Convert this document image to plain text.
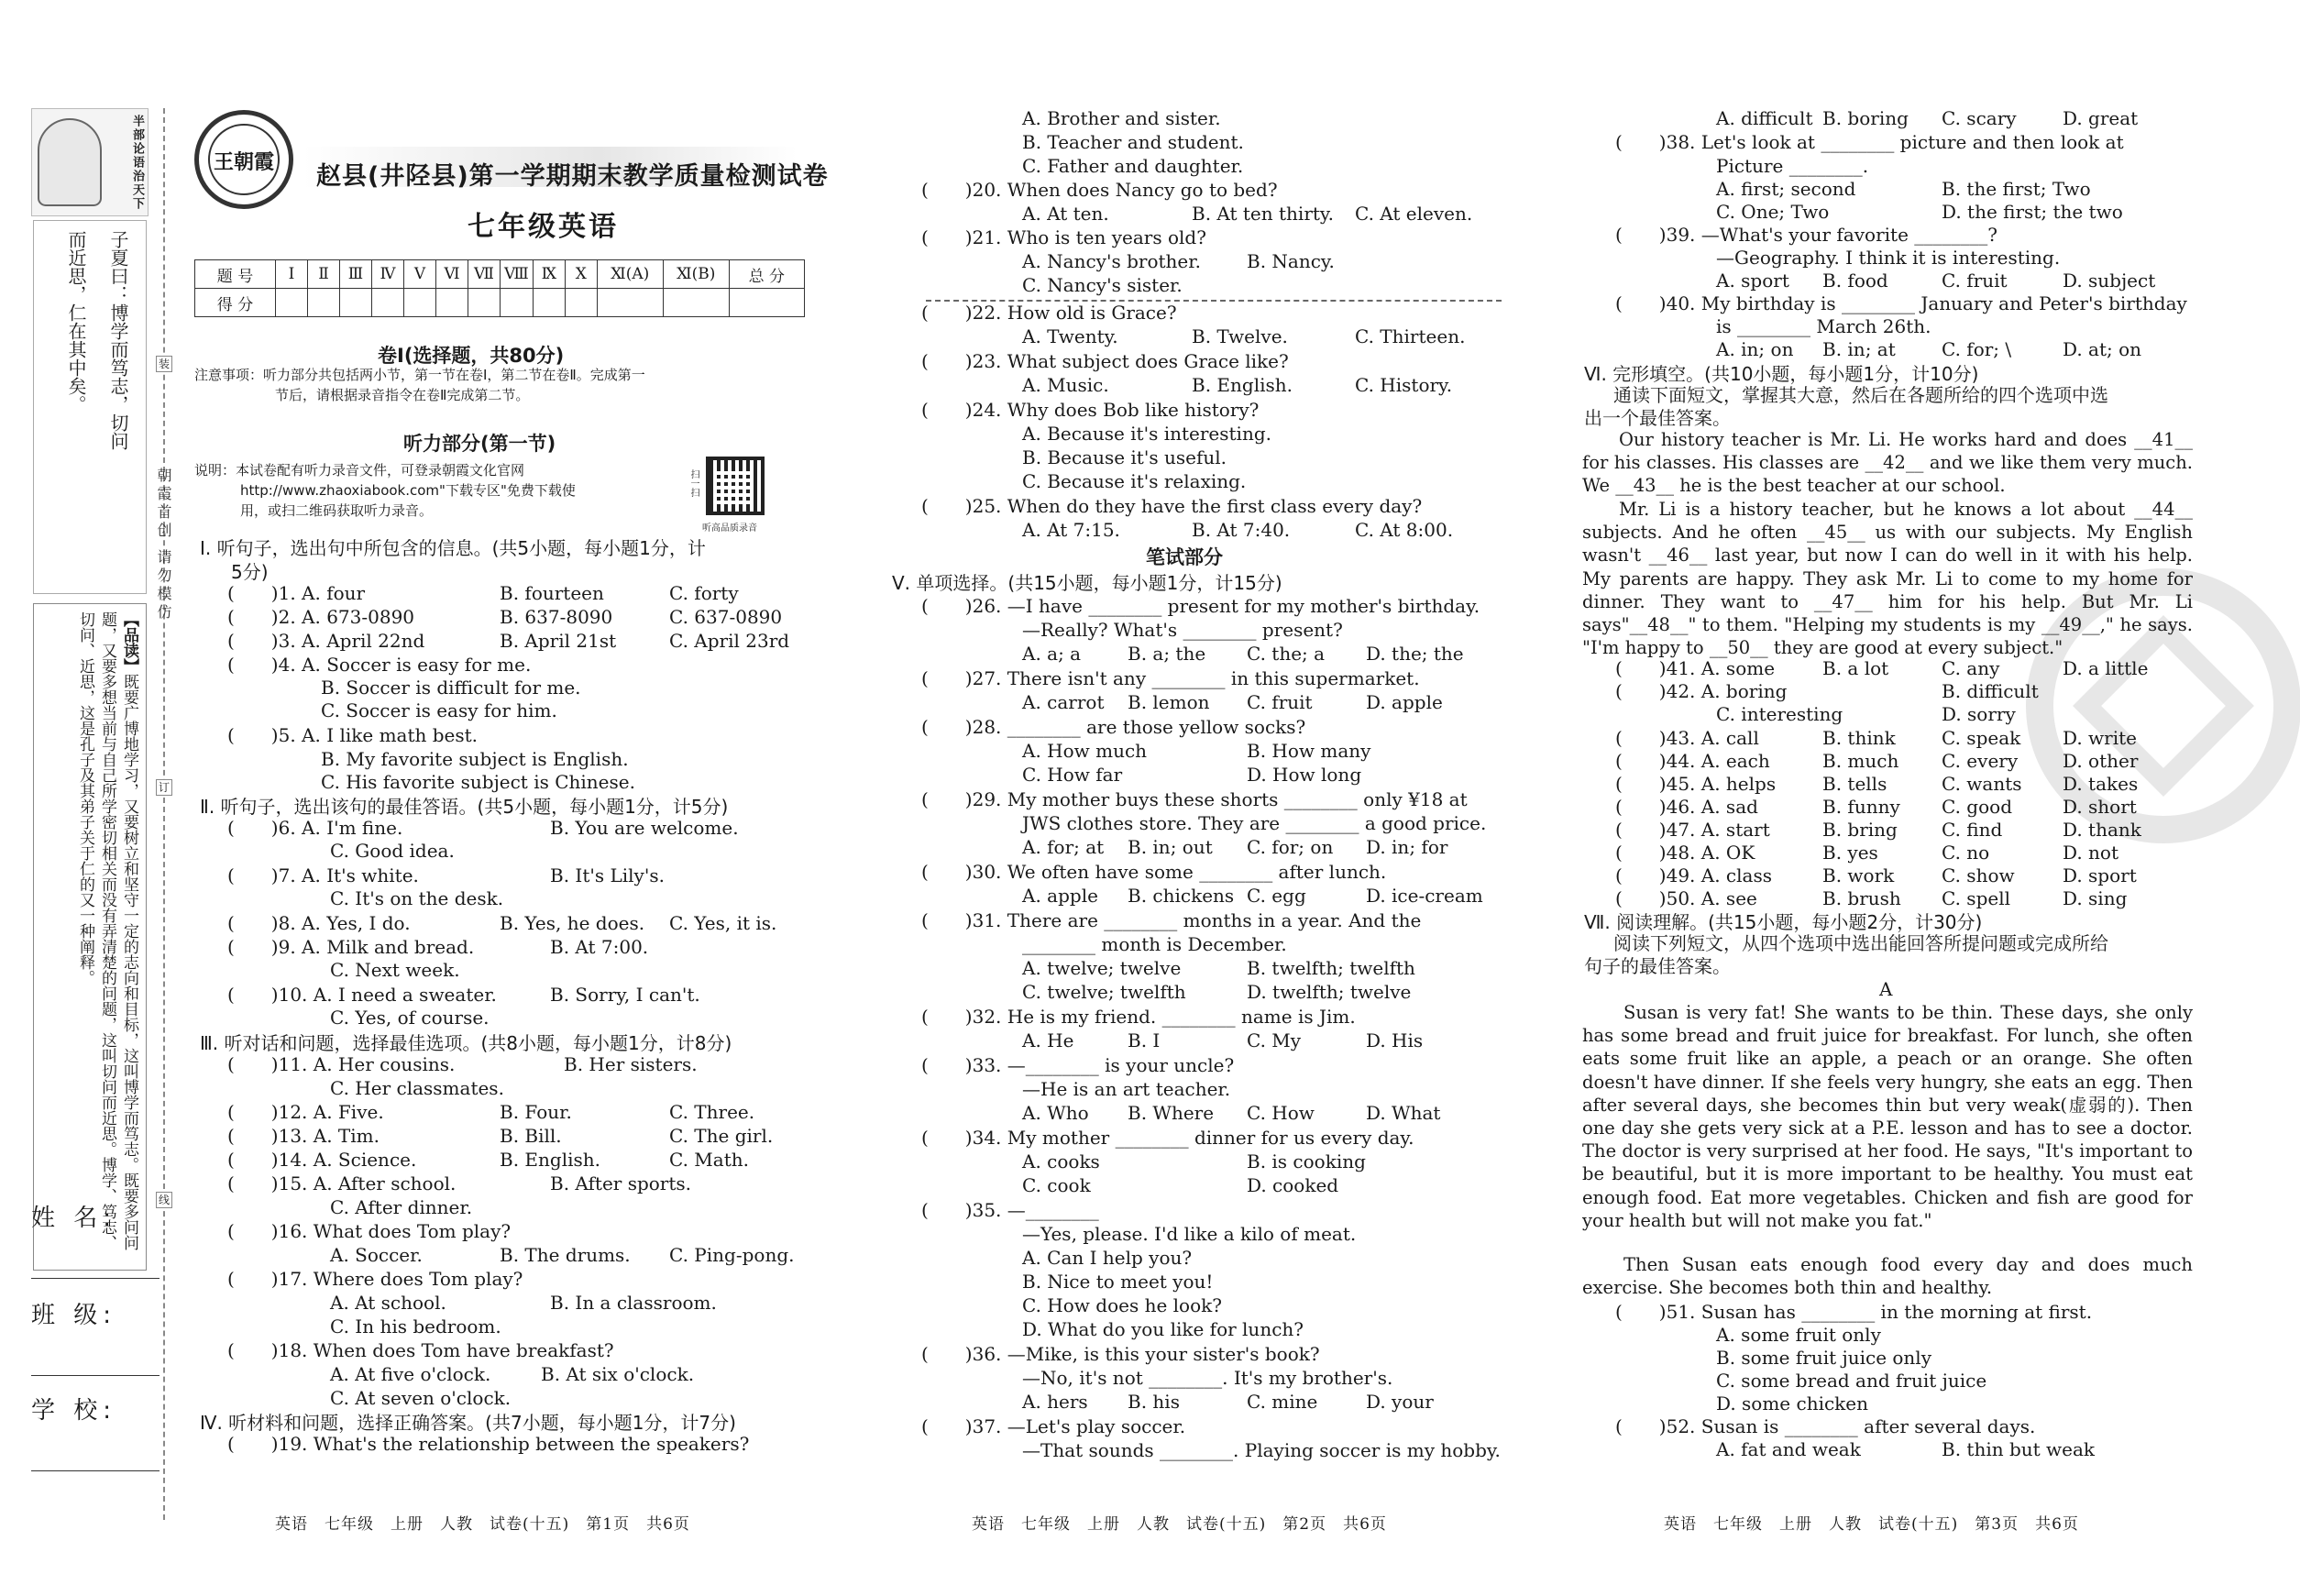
半部论语治天下
子夏曰：博学而笃志，切问
而近思，仁在其中矣。
【品读】既要广博地学习，又要树立和坚守一定的志向和目标，这叫博学而笃志。既要多问问题，又要多想当前与自己所学密切相关而没有弄清楚的问题，这叫切问而近思。博学、笃志、切问、近思，这是孔子及其弟子关于仁的又一种阐释。
姓 名:
班 级:
学 校:
装
订
线
朝霞首创 请勿模仿
王朝霞 赵县(井陉县)第一学期期末教学质量检测试卷
七年级英语
题 号	Ⅰ	Ⅱ	Ⅲ	Ⅳ	Ⅴ	Ⅵ	Ⅶ	Ⅷ	Ⅸ	Ⅹ	Ⅺ(A)	Ⅺ(B)	总 分
得 分													
卷Ⅰ(选择题，共80分)
注意事项：听力部分共包括两小节，第一节在卷Ⅰ，第二节在卷Ⅱ。完成第一
节后，请根据录音指令在卷Ⅱ完成第二节。
听力部分(第一节)
说明：本试卷配有听力录音文件，可登录朝霞文化官网
http://www.zhaoxiabook.com"下载专区"免费下载使
用，或扫二维码获取听力录音。
扫一扫
听高品质录音
Ⅰ. 听句子，选出句中所包含的信息。(共5小题，每小题1分，计
5分)
(　　)1. A. four	B. fourteen	C. forty
(　　)2. A. 673-0890	B. 637-8090	C. 637-0890
(　　)3. A. April 22nd	B. April 21st	C. April 23rd
(　　)4. A. Soccer is easy for me.
B. Soccer is difficult for me.
C. Soccer is easy for him.
(　　)5. A. I like math best.
B. My favorite subject is English.
C. His favorite subject is Chinese.
Ⅱ. 听句子，选出该句的最佳答语。(共5小题，每小题1分，计5分)
(　　)6. A. I'm fine.	B. You are welcome.
C. Good idea.
(　　)7. A. It's white.	B. It's Lily's.
C. It's on the desk.
(　　)8. A. Yes, I do.	B. Yes, he does. C. Yes, it is.
(　　)9. A. Milk and bread.	B. At 7:00.
C. Next week.
(　　)10. A. I need a sweater.	B. Sorry, I can't.
C. Yes, of course.
Ⅲ. 听对话和问题，选择最佳选项。(共8小题，每小题1分，计8分)
(　　)11. A. Her cousins.	B. Her sisters.
C. Her classmates.
(　　)12. A. Five.	B. Four.	C. Three.
(　　)13. A. Tim.	B. Bill.	C. The girl.
(　　)14. A. Science.	B. English.	C. Math.
(　　)15. A. After school.	B. After sports.
C. After dinner.
(　　)16. What does Tom play?
A. Soccer.	B. The drums. C. Ping-pong.
(　　)17. Where does Tom play?
A. At school.	B. In a classroom.
C. In his bedroom.
(　　)18. When does Tom have breakfast?
A. At five o'clock.	B. At six o'clock.
C. At seven o'clock.
Ⅳ. 听材料和问题，选择正确答案。(共7小题，每小题1分，计7分)
(　　)19. What's the relationship between the speakers?
英语　七年级　上册　人教　试卷(十五)　第1页　共6页
A. Brother and sister.
B. Teacher and student.
C. Father and daughter.
(　　)20. When does Nancy go to bed?
A. At ten.	B. At ten thirty. C. At eleven.
(　　)21. Who is ten years old?
A. Nancy's brother.	B. Nancy.
C. Nancy's sister.
(　　)22. How old is Grace?
A. Twenty.	B. Twelve.	C. Thirteen.
(　　)23. What subject does Grace like?
A. Music.	B. English.	C. History.
(　　)24. Why does Bob like history?
A. Because it's interesting.
B. Because it's useful.
C. Because it's relaxing.
(　　)25. When do they have the first class every day?
A. At 7:15.	B. At 7:40.	C. At 8:00.
笔试部分
Ⅴ. 单项选择。(共15小题，每小题1分，计15分)
(　　)26. —I have ________ present for my mother's birthday.
—Really? What's ________ present?
A. a; a	B. a; the C. the; a D. the; the
(　　)27. There isn't any ________ in this supermarket.
A. carrot B. lemon C. fruit	D. apple
(　　)28. ________ are those yellow socks?
A. How much	B. How many
C. How far	D. How long
(　　)29. My mother buys these shorts ________ only ¥18 at
JWS clothes store. They are ________ a good price.
A. for; at B. in; out C. for; on D. in; for
(　　)30. We often have some ________ after lunch.
A. apple B. chickens C. egg	D. ice-cream
(　　)31. There are ________ months in a year. And the
________ month is December.
A. twelve; twelve	B. twelfth; twelfth
C. twelve; twelfth	D. twelfth; twelve
(　　)32. He is my friend. ________ name is Jim.
A. He	B. I	C. My	D. His
(　　)33. —________ is your uncle?
—He is an art teacher.
A. Who B. Where C. How	D. What
(　　)34. My mother ________ dinner for us every day.
A. cooks	B. is cooking
C. cook	D. cooked
(　　)35. —________
—Yes, please. I'd like a kilo of meat.
A. Can I help you?
B. Nice to meet you!
C. How does he look?
D. What do you like for lunch?
(　　)36. —Mike, is this your sister's book?
—No, it's not ________. It's my brother's.
A. hers B. his	C. mine	D. your
(　　)37. —Let's play soccer.
—That sounds ________. Playing soccer is my hobby.
英语　七年级　上册　人教　试卷(十五)　第2页　共6页
A. difficult B. boring C. scary	D. great
(　　)38. Let's look at ________ picture and then look at
Picture ________.
A. first; second	B. the first; Two
C. One; Two	D. the first; the two
(　　)39. —What's your favorite ________?
—Geography. I think it is interesting.
A. sport B. food	C. fruit	D. subject
(　　)40. My birthday is ________ January and Peter's birthday
is ________ March 26th.
A. in; on B. in; at	C. for; \	D. at; on
Ⅵ. 完形填空。(共10小题，每小题1分，计10分)
通读下面短文，掌握其大意，然后在各题所给的四个选项中选
出一个最佳答案。
Our history teacher is Mr. Li. He works hard and does __41__ for his classes. His classes are __42__ and we like them very much. We __43__ he is the best teacher at our school.
Mr. Li is a history teacher, but he knows a lot about __44__ subjects. And he often __45__ us with our subjects. My English wasn't __46__ last year, but now I can do well in it with his help. My parents are happy. They ask Mr. Li to come to my home for dinner. They want to __47__ him for his help. But Mr. Li says"__48__" to them. "Helping my students is my __49__," he says. "I'm happy to __50__ they are good at every subject."
(　　)41. A. some	B. a lot	C. any	D. a little
(　　)42. A. boring	B. difficult
C. interesting	D. sorry
(　　)43. A. call	B. think	C. speak D. write
(　　)44. A. each	B. much C. every D. other
(　　)45. A. helps	B. tells	C. wants D. takes
(　　)46. A. sad	B. funny C. good	D. short
(　　)47. A. start	B. bring C. find	D. thank
(　　)48. A. OK	B. yes	C. no	D. not
(　　)49. A. class	B. work	C. show	D. sport
(　　)50. A. see	B. brush C. spell	D. sing
Ⅶ. 阅读理解。(共15小题，每小题2分，计30分)
阅读下列短文，从四个选项中选出能回答所提问题或完成所给
句子的最佳答案。
A
Susan is very fat! She wants to be thin. These days, she only has some bread and fruit juice for breakfast. For lunch, she often eats some fruit like an apple, a peach or an orange. She often doesn't have dinner. If she feels very hungry, she eats an egg. Then after several days, she becomes thin but very weak(虚弱的). Then one day she gets very sick at a P.E. lesson and has to see a doctor. The doctor is very surprised at her food. He says, "It's important to be beautiful, but it is more important to be healthy. You must eat enough food. Eat more vegetables. Chicken and fish are good for your health but will not make you fat."
Then Susan eats enough food every day and does much exercise. She becomes both thin and healthy.
(　　)51. Susan has ________ in the morning at first.
A. some fruit only
B. some fruit juice only
C. some bread and fruit juice
D. some chicken
(　　)52. Susan is ________ after several days.
A. fat and weak	B. thin but weak
英语　七年级　上册　人教　试卷(十五)　第3页　共6页
